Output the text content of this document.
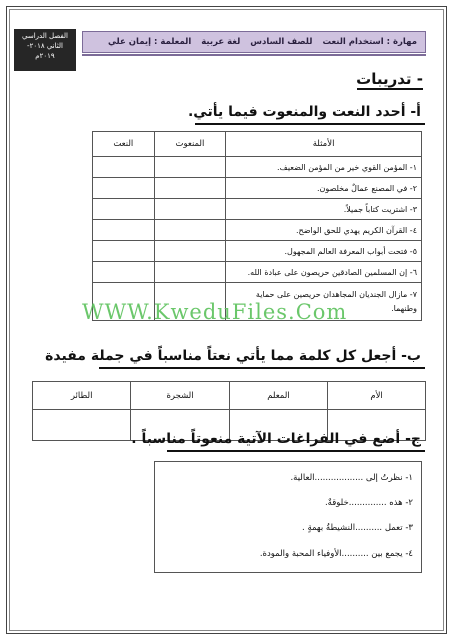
الفصل الدراسي
الثاني ٢٠١٨-
٢٠١٩م
مهارة : استخدام النعت
للصف السادس
لغة عربية
المعلمة : إيمان علي
- تدريبات
أ- أحدد النعت والمنعوت فيما يأتي.
الأمثلة	المنعوت	النعت
١- المؤمن القوي خير من المؤمن الضعيف.		
٢- في المصنع عمالٌ مخلصون.		
٣- اشتريت كتاباً جميلاً.		
٤- القرآن الكريم يهدي للحق الواضح.		
٥- فتحت أبواب المعرفة العالم المجهول.		
٦- إن المسلمين الصادقين حريصون على عبادة الله.		
٧- مازال الجنديان المجاهدان حريصين على حماية وطنهما.		
WWW.KweduFiles.Com
ب- أجعل كل كلمة مما يأتي نعتاً مناسباً في جملة مفيدة
الأم	المعلم	الشجرة	الطائر

ج- أضع في الفراغات الآتية منعوتاً مناسباً .
١- نظرتُ إلى ..................العالية.
٢- هذه ..............خلوقةٌ.
٣- تعمل ..........النشيطةُ بهمةٍ .
٤- يجمع بين ..........الأوفياء المحبة والمودة.
